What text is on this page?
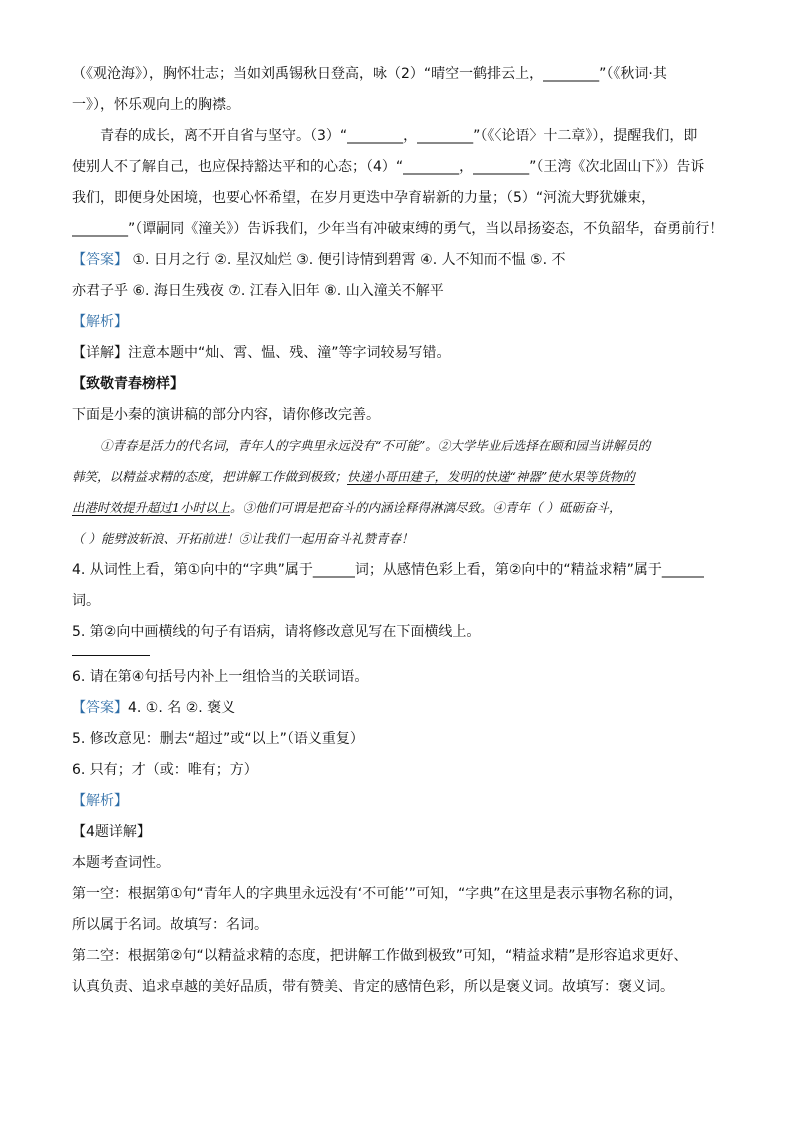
（《观沧海》），胸怀壮志；当如刘禹锡秋日登高，咏（2）“晴空一鹤排云上，________”（《秋词·其
一》），怀乐观向上的胸襟。
青春的成长，离不开自省与坚守。（3）“________，________”（《〈论语〉十二章》），提醒我们，即
使别人不了解自己，也应保持豁达平和的心态；（4）“________，________”（王湾《次北固山下》）告诉
我们，即便身处困境，也要心怀希望，在岁月更迭中孕育崭新的力量；（5）“河流大野犹嫌束，
________”（谭嗣同《潼关》）告诉我们，少年当有冲破束缚的勇气，当以昂扬姿态，不负韶华，奋勇前行！
【答案】 ①. 日月之行 ②. 星汉灿烂 ③. 便引诗情到碧霄 ④. 人不知而不愠 ⑤. 不
亦君子乎 ⑥. 海日生残夜 ⑦. 江春入旧年 ⑧. 山入潼关不解平
【解析】
【详解】注意本题中“灿、霄、愠、残、潼”等字词较易写错。
【致敬青春榜样】
下面是小秦的演讲稿的部分内容，请你修改完善。
①青春是活力的代名词，青年人的字典里永远没有“不可能”。②大学毕业后选择在颐和园当讲解员的
韩笑，以精益求精的态度，把讲解工作做到极致；快递小哥田建子，发明的快递“神器”使水果等货物的
出港时效提升超过1小时以上。③他们可谓是把奋斗的内涵诠释得淋漓尽致。④青年（ ）砥砺奋斗，
（ ）能劈波斩浪、开拓前进！⑤让我们一起用奋斗礼赞青春！
4. 从词性上看，第①向中的“字典”属于______词；从感情色彩上看，第②向中的“精益求精”属于______
词。
5. 第②向中画横线的句子有语病，请将修改意见写在下面横线上。
6. 请在第④句括号内补上一组恰当的关联词语。
【答案】4. ①. 名 ②. 褒义
5. 修改意见：删去“超过”或“以上”（语义重复）
6. 只有；才（或：唯有；方）
【解析】
【4题详解】
本题考查词性。
第一空：根据第①句“青年人的字典里永远没有‘不可能’”可知，“字典”在这里是表示事物名称的词，
所以属于名词。故填写：名词。
第二空：根据第②句“以精益求精的态度，把讲解工作做到极致”可知，“精益求精”是形容追求更好、
认真负责、追求卓越的美好品质，带有赞美、肯定的感情色彩，所以是褒义词。故填写：褒义词。
